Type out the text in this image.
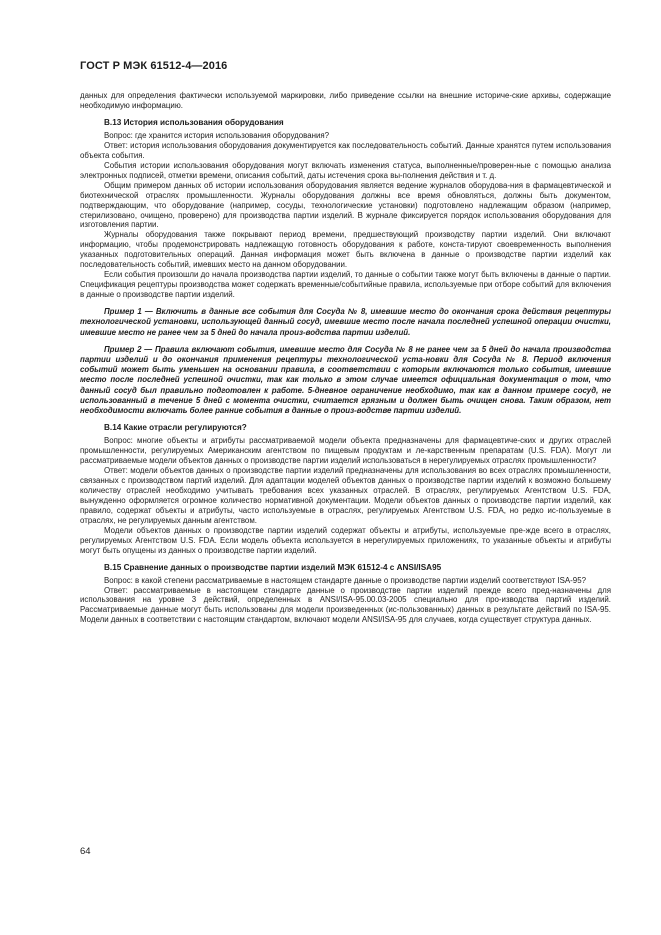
ГОСТ Р МЭК 61512-4—2016

данных для определения фактически используемой маркировки, либо приведение ссылки на внешние историче-ские архивы, содержащие необходимую информацию.

B.13 История использования оборудования

Вопрос: где хранится история использования оборудования?

Ответ: история использования оборудования документируется как последовательность событий. Данные хранятся путем использования объекта события.

События истории использования оборудования могут включать изменения статуса, выполненные/проверен-ные с помощью анализа электронных подписей, отметки времени, описания событий, даты истечения срока вы-полнения действия и т. д.

Общим примером данных об истории использования оборудования является ведение журналов оборудова-ния в фармацевтической и биотехнической отраслях промышленности. Журналы оборудования должны все время обновляться, должны быть документом, подтверждающим, что оборудование (например, сосуды, технологические установки) подготовлено надлежащим образом (например, стерилизовано, очищено, проверено) для производства партии изделий. В журнале фиксируется порядок использования оборудования для изготовления партии.

Журналы оборудования также покрывают период времени, предшествующий производству партии изделий. Они включают информацию, чтобы продемонстрировать надлежащую готовность оборудования к работе, конста-тируют своевременность выполнения указанных подготовительных операций. Данная информация может быть включена в данные о производстве партии изделий как последовательность событий, имевших место на данном оборудовании.

Если события произошли до начала производства партии изделий, то данные о событии также могут быть включены в данные о партии. Спецификация рецептуры производства может содержать временные/событийные правила, используемые при отборе событий для включения в данные о производстве партии изделий.

Пример 1 — Включить в данные все события для Сосуда № 8, имевшие место до окончания срока действия рецептуры технологической установки, использующей данный сосуд, имевшие место после начала последней успешной операции очистки, имевшие место не ранее чем за 5 дней до начала произ-водства партии изделий.

Пример 2 — Правила включают события, имевшие место для Сосуда № 8 не ранее чем за 5 дней до начала производства партии изделий и до окончания применения рецептуры технологической уста-новки для Сосуда № 8. Период включения событий может быть уменьшен на основании правила, в соответствии с которым включаются только события, имевшие место после последней успешной очистки, так как только в этом случае имеется официальная документация о том, что данный сосуд был правильно подготовлен к работе. 5-дневное ограничение необходимо, так как в данном примере сосуд, не использованный в течение 5 дней с момента очистки, считается грязным и должен быть очищен снова. Таким образом, нет необходимости включать более ранние события в данные о произ-водстве партии изделий.

B.14 Какие отрасли регулируются?

Вопрос: многие объекты и атрибуты рассматриваемой модели объекта предназначены для фармацевтиче-ских и других отраслей промышленности, регулируемых Американским агентством по пищевым продуктам и ле-карственным препаратам (U.S. FDA). Могут ли рассматриваемые модели объектов данных о производстве партии изделий использоваться в нерегулируемых отраслях промышленности?

Ответ: модели объектов данных о производстве партии изделий предназначены для использования во всех отраслях промышленности, связанных с производством партий изделий. Для адаптации моделей объектов данных о производстве партии изделий к возможно большему количеству отраслей необходимо учитывать требования всех указанных отраслей. В отраслях, регулируемых Агентством U.S. FDA, вынужденно оформляется огромное количество нормативной документации. Модели объектов данных о производстве партии изделий, как правило, содержат объекты и атрибуты, часто используемые в отраслях, регулируемых Агентством U.S. FDA, но редко ис-пользуемые в отраслях, не регулируемых данным агентством.

Модели объектов данных о производстве партии изделий содержат объекты и атрибуты, используемые пре-жде всего в отраслях, регулируемых Агентством U.S. FDA. Если модель объекта используется в нерегулируемых приложениях, то указанные объекты и атрибуты могут быть опущены из данных о производстве партии изделий.

B.15 Сравнение данных о производстве партии изделий МЭК 61512-4 с ANSI/ISA95

Вопрос: в какой степени рассматриваемые в настоящем стандарте данные о производстве партии изделий соответствуют ISA-95?

Ответ: рассматриваемые в настоящем стандарте данные о производстве партии изделий прежде всего пред-назначены для использования на уровне 3 действий, определенных в ANSI/ISA-95.00.03-2005 специально для про-изводства партий изделий. Рассматриваемые данные могут быть использованы для модели произведенных (ис-пользованных) данных в результате действий по ISA-95. Модели данных в соответствии с настоящим стандартом, включают модели ANSI/ISA-95 для случаев, когда существует структура данных.

64
